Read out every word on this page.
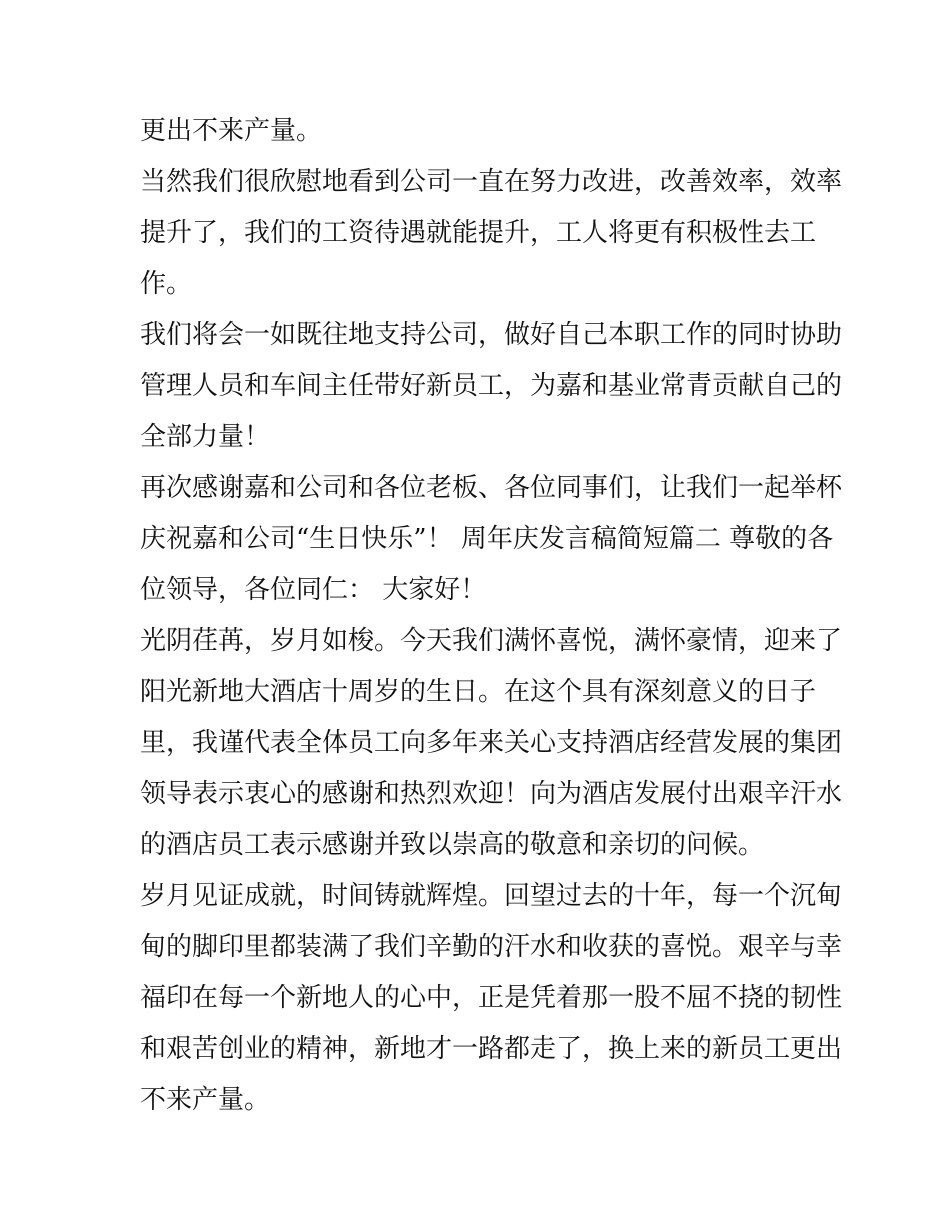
更出不来产量。
当然我们很欣慰地看到公司一直在努力改进，改善效率，效率
提升了，我们的工资待遇就能提升，工人将更有积极性去工
作。
我们将会一如既往地支持公司，做好自己本职工作的同时协助
管理人员和车间主任带好新员工，为嘉和基业常青贡献自己的
全部力量！
再次感谢嘉和公司和各位老板、各位同事们，让我们一起举杯
庆祝嘉和公司“生日快乐”！ 周年庆发言稿简短篇二 尊敬的各
位领导，各位同仁： 大家好！
光阴荏苒，岁月如梭。今天我们满怀喜悦，满怀豪情，迎来了
阳光新地大酒店十周岁的生日。在这个具有深刻意义的日子
里，我谨代表全体员工向多年来关心支持酒店经营发展的集团
领导表示衷心的感谢和热烈欢迎！向为酒店发展付出艰辛汗水
的酒店员工表示感谢并致以崇高的敬意和亲切的问候。
岁月见证成就，时间铸就辉煌。回望过去的十年，每一个沉甸
甸的脚印里都装满了我们辛勤的汗水和收获的喜悦。艰辛与幸
福印在每一个新地人的心中，正是凭着那一股不屈不挠的韧性
和艰苦创业的精神，新地才一路都走了，换上来的新员工更出
不来产量。
